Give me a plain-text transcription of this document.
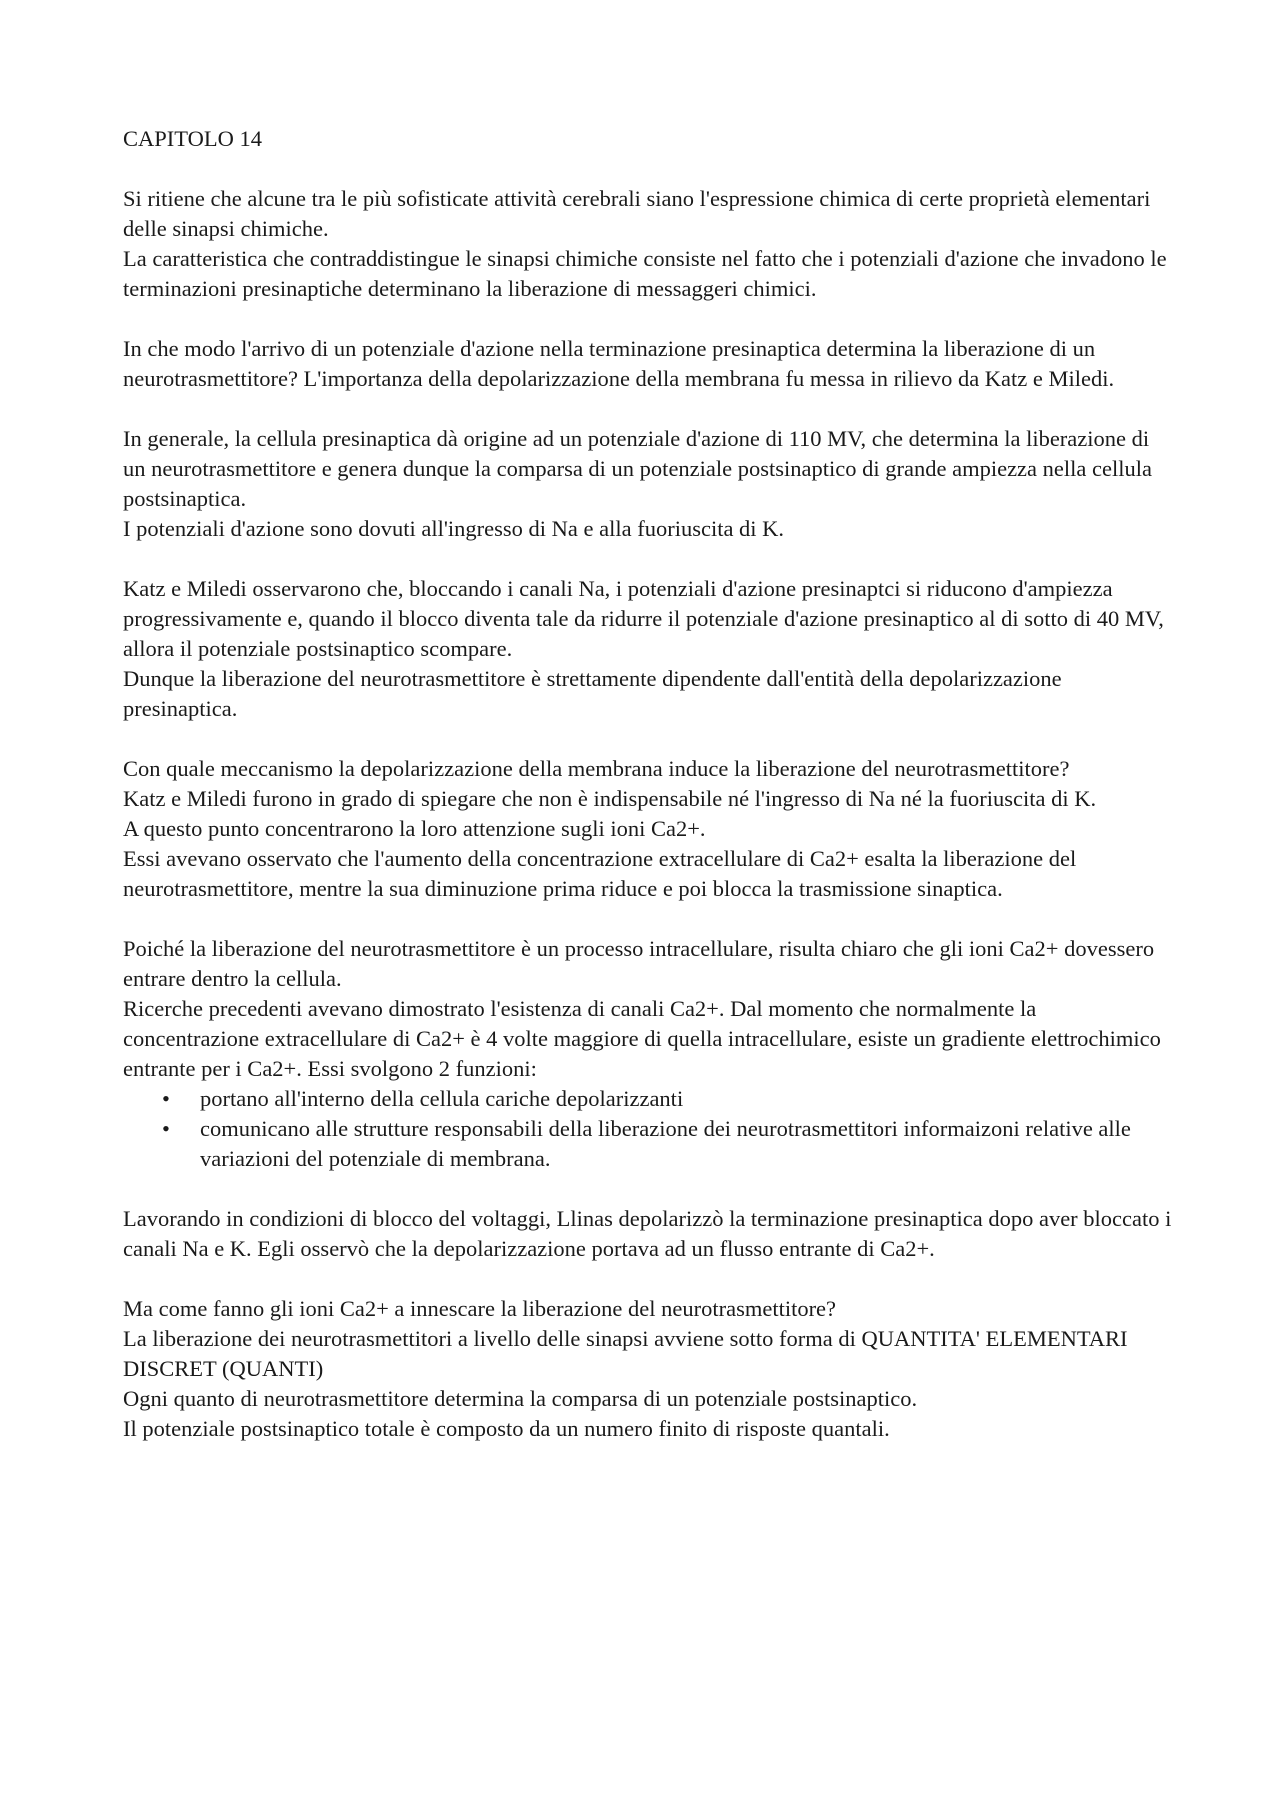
CAPITOLO 14

Si ritiene che alcune tra le più sofisticate attività cerebrali siano l'espressione chimica di certe proprietà elementari delle sinapsi chimiche.

La caratteristica che contraddistingue le sinapsi chimiche consiste nel fatto che i potenziali d'azione che invadono le terminazioni presinaptiche determinano la liberazione di messaggeri chimici.

In che modo l'arrivo di un potenziale d'azione nella terminazione presinaptica determina la liberazione di un neurotrasmettitore? L'importanza della depolarizzazione della membrana fu messa in rilievo da Katz e Miledi.

In generale, la cellula presinaptica dà origine ad un potenziale d'azione di 110 MV, che determina la liberazione di un neurotrasmettitore e genera dunque la comparsa di un potenziale postsinaptico di grande ampiezza nella cellula postsinaptica.

I potenziali d'azione sono dovuti all'ingresso di Na e alla fuoriuscita di K.

Katz e Miledi osservarono che, bloccando i canali Na, i potenziali d'azione presinaptci si riducono d'ampiezza progressivamente e, quando il blocco diventa tale da ridurre il potenziale d'azione presinaptico al di sotto di 40 MV, allora il potenziale postsinaptico scompare.

Dunque la liberazione del neurotrasmettitore è strettamente dipendente dall'entità della depolarizzazione presinaptica.

Con quale meccanismo la depolarizzazione della membrana induce la liberazione del neurotrasmettitore?

Katz e Miledi furono in grado di spiegare che non è indispensabile né l'ingresso di Na né la fuoriuscita di K.

A questo punto concentrarono la loro attenzione sugli ioni Ca2+.

Essi avevano osservato che l'aumento della concentrazione extracellulare di Ca2+ esalta la liberazione del neurotrasmettitore, mentre la sua diminuzione prima riduce e poi blocca la trasmissione sinaptica.

Poiché la liberazione del neurotrasmettitore è un processo intracellulare, risulta chiaro che gli ioni Ca2+ dovessero entrare dentro la cellula.

Ricerche precedenti avevano dimostrato l'esistenza di canali Ca2+. Dal momento che normalmente la concentrazione extracellulare di Ca2+ è 4 volte maggiore di quella intracellulare, esiste un gradiente elettrochimico entrante per i Ca2+. Essi svolgono 2 funzioni:

• portano all'interno della cellula cariche depolarizzanti
• comunicano alle strutture responsabili della liberazione dei neurotrasmettitori informaizoni relative alle variazioni del potenziale di membrana.

Lavorando in condizioni di blocco del voltaggi, Llinas depolarizzò la terminazione presinaptica dopo aver bloccato i canali Na e K. Egli osservò che la depolarizzazione portava ad un flusso entrante di Ca2+.

Ma come fanno gli ioni Ca2+ a innescare la liberazione del neurotrasmettitore?

La liberazione dei neurotrasmettitori a livello delle sinapsi avviene sotto forma di QUANTITA' ELEMENTARI DISCRET (QUANTI)

Ogni quanto di neurotrasmettitore determina la comparsa di un potenziale postsinaptico.

Il potenziale postsinaptico totale è composto da un numero finito di risposte quantali.
